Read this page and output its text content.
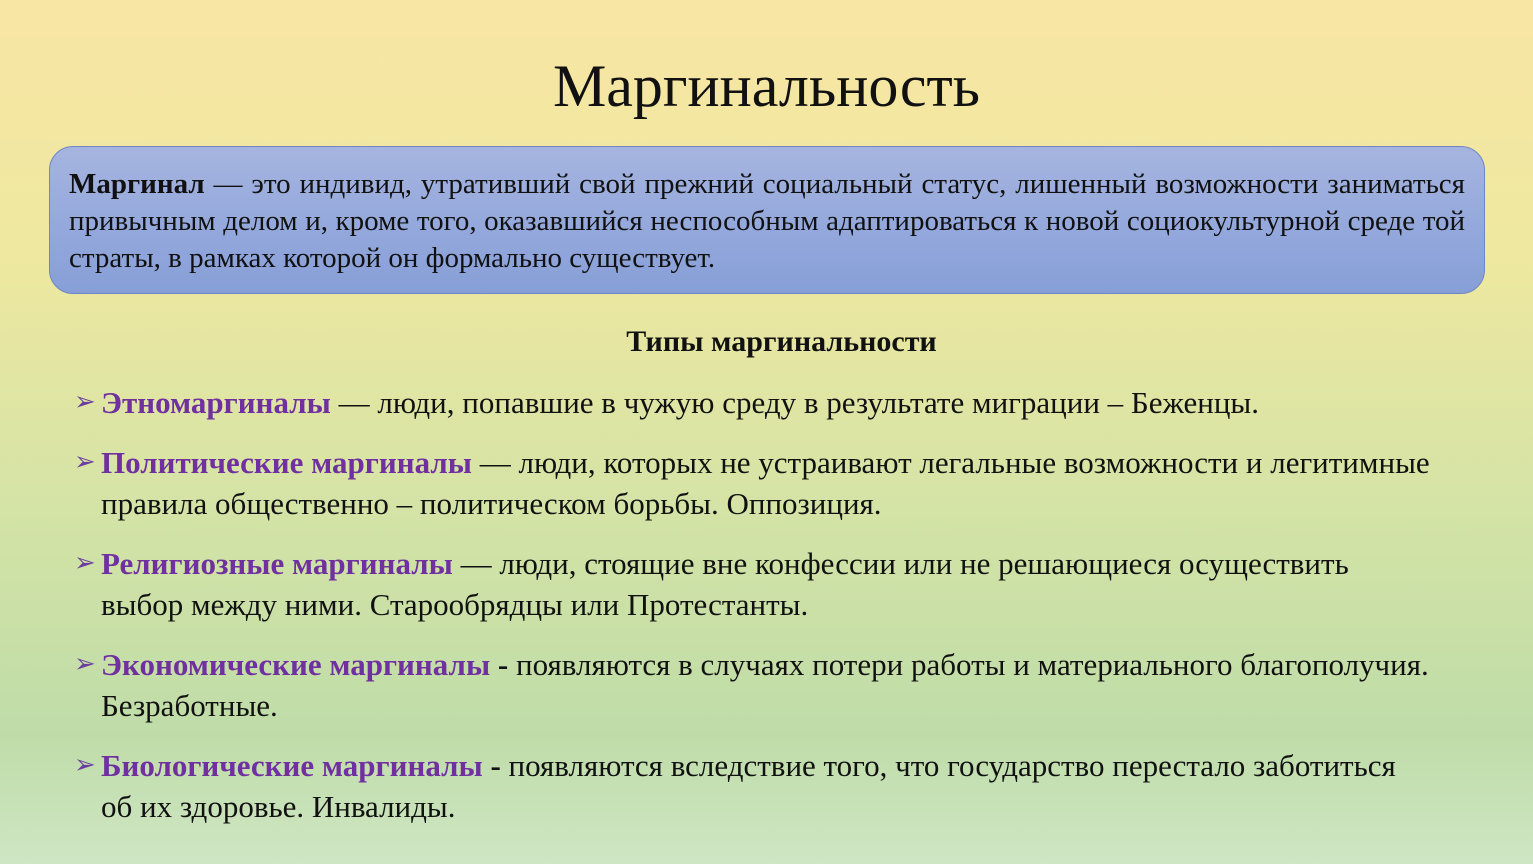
Маргинальность

Маргинал — это индивид, утративший свой прежний социальный статус, лишенный возможности заниматься привычным делом и, кроме того, оказавшийся неспособным адаптироваться к новой социокультурной среде той страты, в рамках которой он формально существует.

Типы маргинальности
➢ Этномаргиналы — люди, попавшие в чужую среду в результате миграции – Беженцы.
➢ Политические маргиналы — люди, которых не устраивают легальные возможности и легитимные правила общественно – политическом борьбы. Оппозиция.
➢ Религиозные маргиналы — люди, стоящие вне конфессии или не решающиеся осуществить выбор между ними. Старообрядцы или Протестанты.
➢ Экономические маргиналы - появляются в случаях потери работы и материального благополучия. Безработные.
➢ Биологические маргиналы - появляются вследствие того, что государство перестало заботиться об их здоровье. Инвалиды.
